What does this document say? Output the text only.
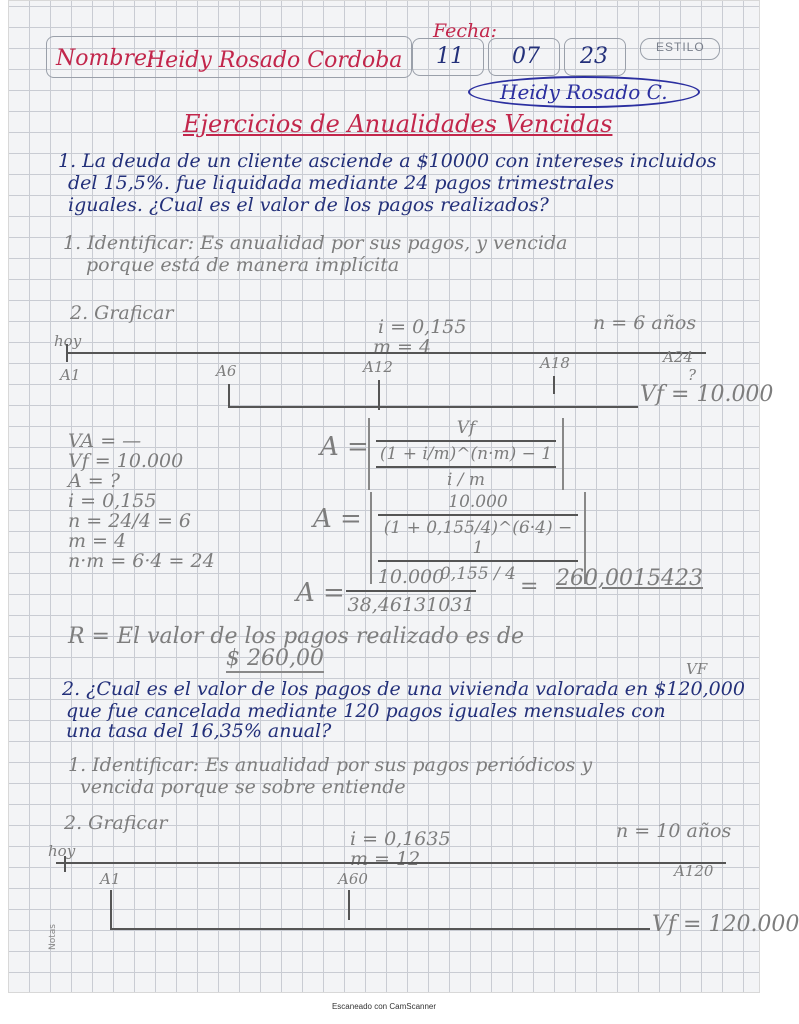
Nombre:
Heidy Rosado Cordoba
Fecha:
11 07 23	ESTILO
Heidy Rosado C.
Ejercicios de Anualidades Vencidas
1. La deuda de un cliente asciende a $10000 con intereses incluidos
del 15,5%. fue liquidada mediante 24 pagos trimestrales
iguales. ¿Cual es el valor de los pagos realizados?
1. Identificar: Es anualidad por sus pagos, y vencida
porque está de manera implícita
2. Graficar
hoy
i = 0,155
m = 4
n = 6 años
A1	A6	A12	A18	A24
?
Vf = 10.000
VA = —
Vf = 10.000
A = ?
i = 0,155
n = 24/4 = 6
m = 4
n·m = 6·4 = 24
A =
Vf
(1 + i/m)^(n·m) − 1
i / m
A =
10.000
(1 + 0,155/4)^(6·4) − 1
0,155 / 4
A =
10.000
38,46131031
= 260,0015423
R = El valor de los pagos realizado es de
$ 260,00	VF
2. ¿Cual es el valor de los pagos de una vivienda valorada en $120,000
que fue cancelada mediante 120 pagos iguales mensuales con
una tasa del 16,35% anual?
1. Identificar: Es anualidad por sus pagos periódicos y
vencida porque se sobre entiende
2. Graficar
hoy
i = 0,1635
m = 12
n = 10 años
A1	A60	A120
Vf = 120.000
Notas
Escaneado con CamScanner
